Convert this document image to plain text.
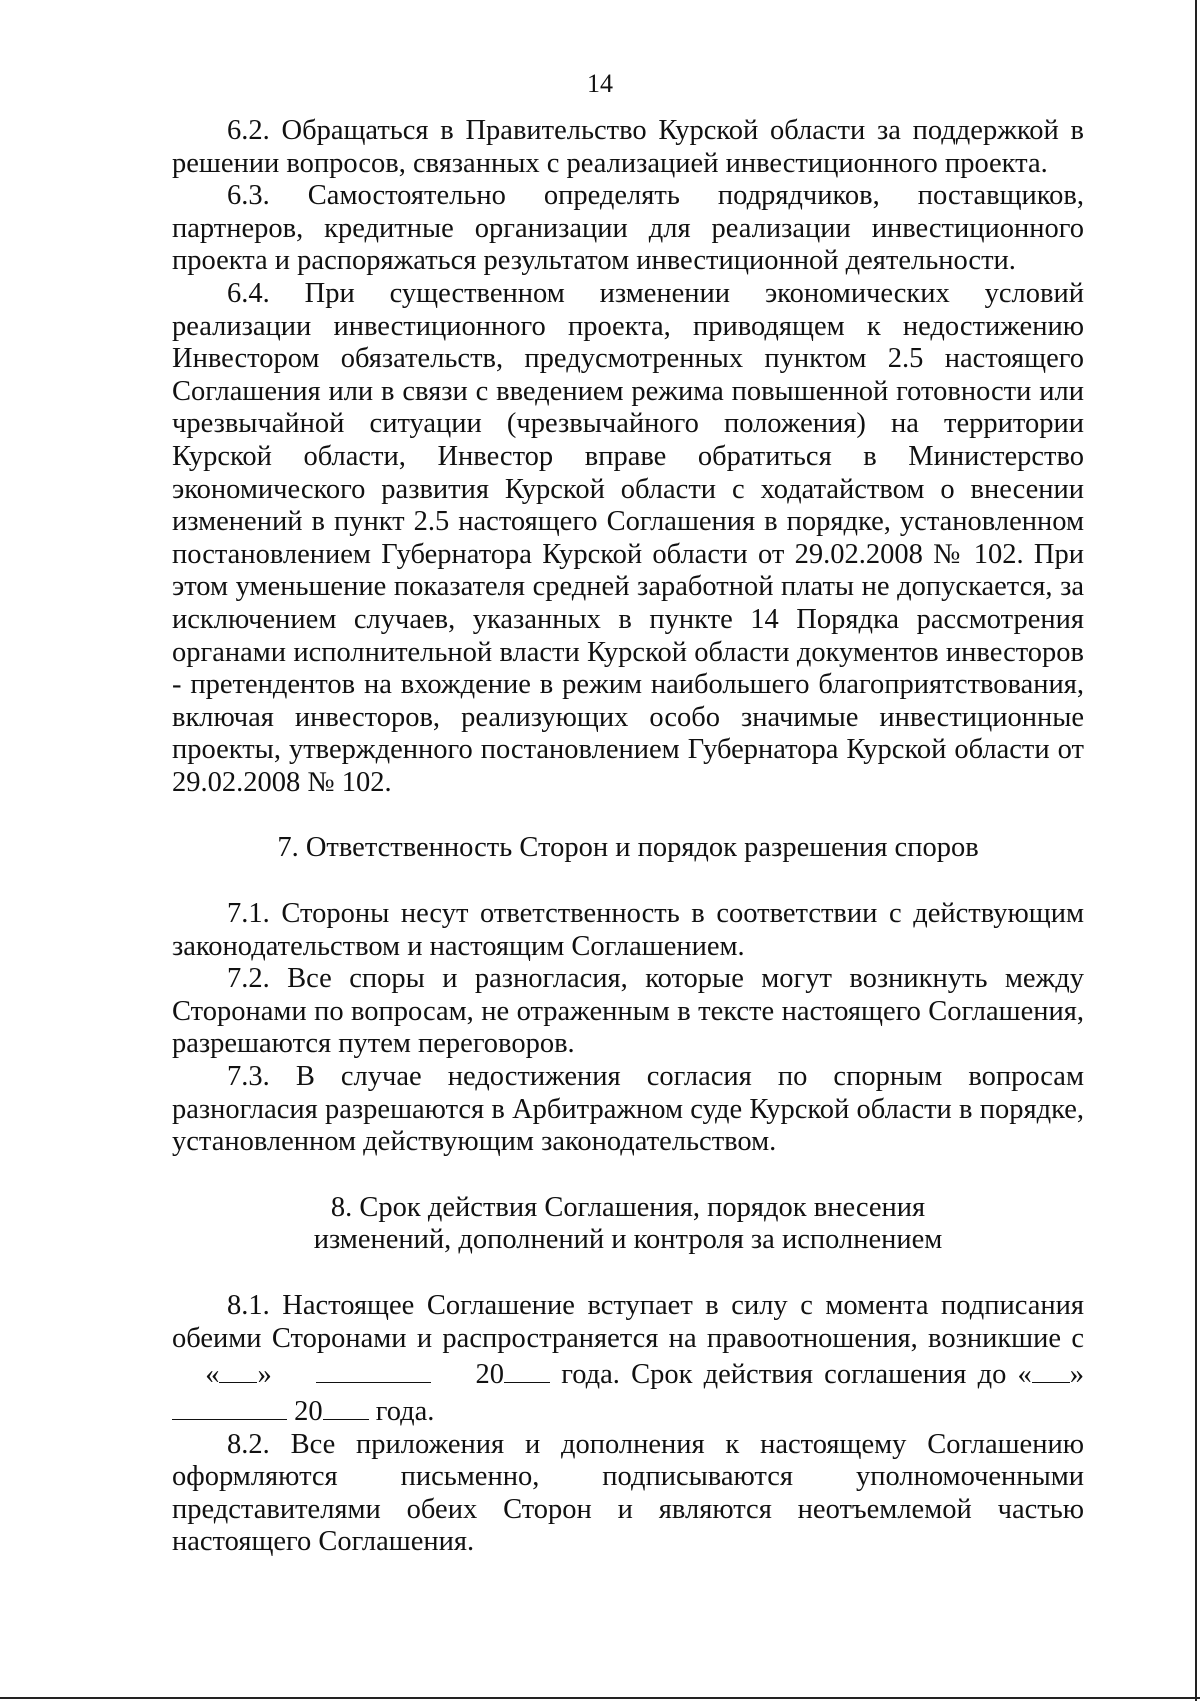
14

6.2. Обращаться в Правительство Курской области за поддержкой в решении вопросов, связанных с реализацией инвестиционного проекта.

6.3. Самостоятельно определять подрядчиков, поставщиков, партнеров, кредитные организации для реализации инвестиционного проекта и распоряжаться результатом инвестиционной деятельности.

6.4. При существенном изменении экономических условий реализации инвестиционного проекта, приводящем к недостижению Инвестором обязательств, предусмотренных пунктом 2.5 настоящего Соглашения или в связи с введением режима повышенной готовности или чрезвычайной ситуации (чрезвычайного положения) на территории Курской области, Инвестор вправе обратиться в Министерство экономического развития Курской области с ходатайством о внесении изменений в пункт 2.5 настоящего Соглашения в порядке, установленном постановлением Губернатора Курской области от 29.02.2008 № 102. При этом уменьшение показателя средней заработной платы не допускается, за исключением случаев, указанных в пункте 14 Порядка рассмотрения органами исполнительной власти Курской области документов инвесторов - претендентов на вхождение в режим наибольшего благоприятствования, включая инвесторов, реализующих особо значимые инвестиционные проекты, утвержденного постановлением Губернатора Курской области от 29.02.2008 № 102.

7. Ответственность Сторон и порядок разрешения споров

7.1. Стороны несут ответственность в соответствии с действующим законодательством и настоящим Соглашением.

7.2. Все споры и разногласия, которые могут возникнуть между Сторонами по вопросам, не отраженным в тексте настоящего Соглашения, разрешаются путем переговоров.

7.3. В случае недостижения согласия по спорным вопросам разногласия разрешаются в Арбитражном суде Курской области в порядке, установленном действующим законодательством.

8. Срок действия Соглашения, порядок внесения
изменений, дополнений и контроля за исполнением

8.1. Настоящее Соглашение вступает в силу с момента подписания обеими Сторонами и распространяется на правоотношения, возникшие с  « »	20 года. Срок действия соглашения до « »  20 года.

8.2. Все приложения и дополнения к настоящему Соглашению оформляются письменно, подписываются уполномоченными представителями обеих Сторон и являются неотъемлемой частью настоящего Соглашения.
